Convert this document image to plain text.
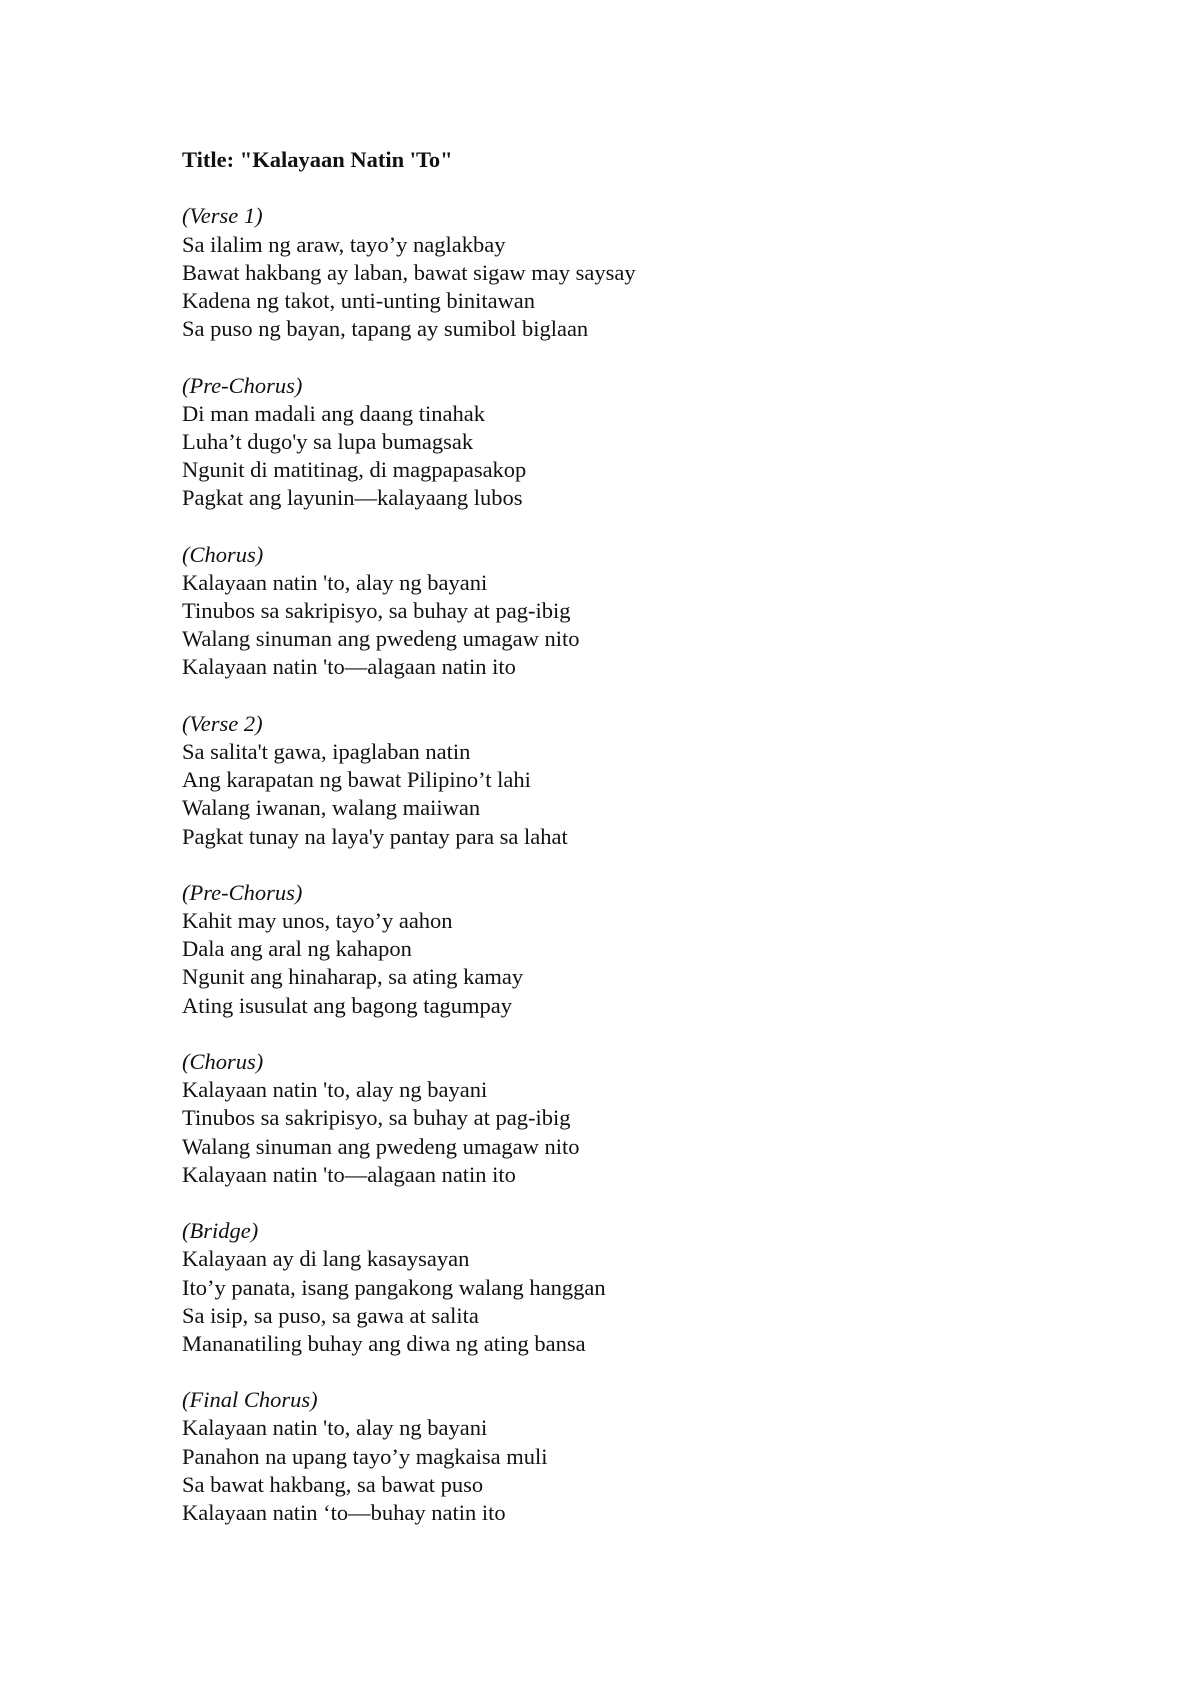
Title: "Kalayaan Natin 'To"
(Verse 1)
Sa ilalim ng araw, tayo’y naglakbay
Bawat hakbang ay laban, bawat sigaw may saysay
Kadena ng takot, unti-unting binitawan
Sa puso ng bayan, tapang ay sumibol biglaan
(Pre-Chorus)
Di man madali ang daang tinahak
Luha’t dugo'y sa lupa bumagsak
Ngunit di matitinag, di magpapasakop
Pagkat ang layunin—kalayaang lubos
(Chorus)
Kalayaan natin 'to, alay ng bayani
Tinubos sa sakripisyo, sa buhay at pag-ibig
Walang sinuman ang pwedeng umagaw nito
Kalayaan natin 'to—alagaan natin ito
(Verse 2)
Sa salita't gawa, ipaglaban natin
Ang karapatan ng bawat Pilipino’t lahi
Walang iwanan, walang maiiwan
Pagkat tunay na laya'y pantay para sa lahat
(Pre-Chorus)
Kahit may unos, tayo’y aahon
Dala ang aral ng kahapon
Ngunit ang hinaharap, sa ating kamay
Ating isusulat ang bagong tagumpay
(Chorus)
Kalayaan natin 'to, alay ng bayani
Tinubos sa sakripisyo, sa buhay at pag-ibig
Walang sinuman ang pwedeng umagaw nito
Kalayaan natin 'to—alagaan natin ito
(Bridge)
Kalayaan ay di lang kasaysayan
Ito’y panata, isang pangakong walang hanggan
Sa isip, sa puso, sa gawa at salita
Mananatiling buhay ang diwa ng ating bansa
(Final Chorus)
Kalayaan natin 'to, alay ng bayani
Panahon na upang tayo’y magkaisa muli
Sa bawat hakbang, sa bawat puso
Kalayaan natin ‘to—buhay natin ito
